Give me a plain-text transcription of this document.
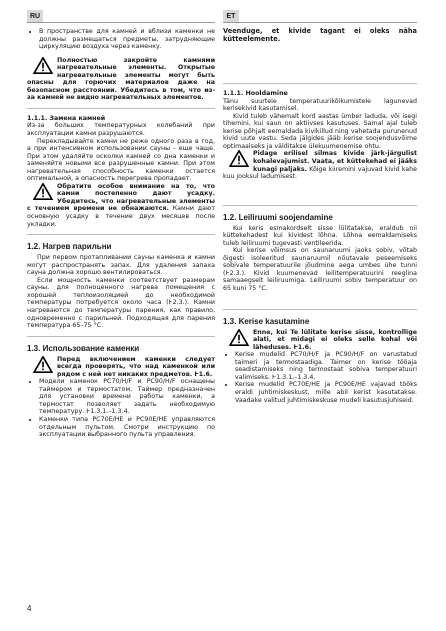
RU	ET
• В пространстве для камней и вблизи каменки не должны размещаться предметы, затрудняющие циркуляцию воздуха через каменку.

Полностью закройте камнями нагревательные элементы. Открытые нагревательные элементы могут быть опасны для горючих материалов даже на безопасном расстоянии. Убедитесь в том, что из-за камней не видно нагревательных элементов.

1.1.1. Замена камней

Из-за больших температурных колебаний при эксплуатации камни разрушаются.

Перекладывайте камни не реже одного раза в год, а при интенсивном использовании сауны - еще чаще. При этом удаляйте осколки камней со дна каменки и заменяйте новыми все разрушенные камни. При этом нагревательная способность каменки остается оптимальной, а опасность перегрева пропадает.

Обратите особое внимание на то, что камни постепенно дают усадку. Убедитесь, что нагревательные элементы с течением времени не обнажаются. Камни дают основную усадку в течение двух месяцев после укладки.

1.2. Нагрев парильни

При первом протапливании сауны каменка и камни могут распространять запах. Для удаления запаха сауна должна хорошо вентилироваться.

Если мощность каменки соответствует размерам сауны, для полноценного нагрева помещения с хорошей теплоизоляцией до необходимой температуры потребуется около часа (Ⱶ2.3.). Камни нагреваются до температуры парения, как правило, одновременно с парильней. Подходящая для парения температура 65–75 °C.

1.3. Использование каменки

Перед включением каменки следует всегда проверять, что над каменкой или рядом с ней нет никаких предметов. Ⱶ1.6.

• Модели каменок PC70/H/F и PC90/H/F оснащены таймером и термостатом. Таймер предназначен для установки времени работы каменки, а термостат позволяет задать необходимую температуру. Ⱶ1.3.1.–1.3.4.
• Каменки типа PC70E/HE и PC90E/HE управляются отдельным пультом. Смотри инструкцию по эксплуатации выбранного пульта управления.

Veenduge, et kivide tagant ei oleks näha kütteelemente.

1.1.1. Hooldamine

Tänu suurtele temperatuurikõikumistele lagunevad kerisekivid kasutamisel.

Kivid tuleb vähemalt kord aastas ümber laduda, või isegi tihemini, kui saun on aktiivses kasutuses. Samal ajal tuleb kerise põhjalt eemaldada kivikillud ning vahetada purunenud kivid uute vastu. Seda jälgides jääb kerise soojendusvõime optimaalseks ja välditakse ülekuumenemise ohtu.

Pidage erilisel silmas kivide järk-järgulist kohalevajumist. Vaata, et küttekehad ei jääks kunagi paljaks. Kõige kiiremini vajuvad kivid kahe kuu jooksul ladumisest.

1.2. Leiliruumi soojendamine

Kui keris esmakordselt sisse lülitatakse, eraldub nii küttekehadest kui kividest lõhna. Lõhna eemaldamiseks tuleb leiliruumi tugevasti ventileerida.

Kui kerise võimsus on saunaruumi jaoks sobiv, võtab õigesti isoleeritud saunaruumil nõutavale peseemiseks sobivale temperatuurile jõudmine aega umbes ühe tunni (Ⱶ2.3.). Kivid kuumenevad leilitemperatuurini reeglina samaaegselt leiliruumiga. Leiliruumi sobiv temperatuur on 65 kuni 75 °C.

1.3. Kerise kasutamine

Enne, kui Te lülitate kerise sisse, kontrollige alati, et midagi ei oleks selle kohal või läheduses. Ⱶ1.6.

• Kerise mudelid PC70/H/F ja PC90/H/F on varustatud taimeri ja termostaadiga. Taimer on kerise tööaja seadistamiseks ning termostaat sobiva temperatuuri valimiseks. Ⱶ1.3.1.–1.3.4.
• Kerise mudelid PC70E/HE ja PC90E/HE vajavad tööks eraldi juhtimiskeskust, mille abil kerist kasutatakse. Vaadake valitud juhtimiskeskuse mudeli kasutusjuhiseid.
4
